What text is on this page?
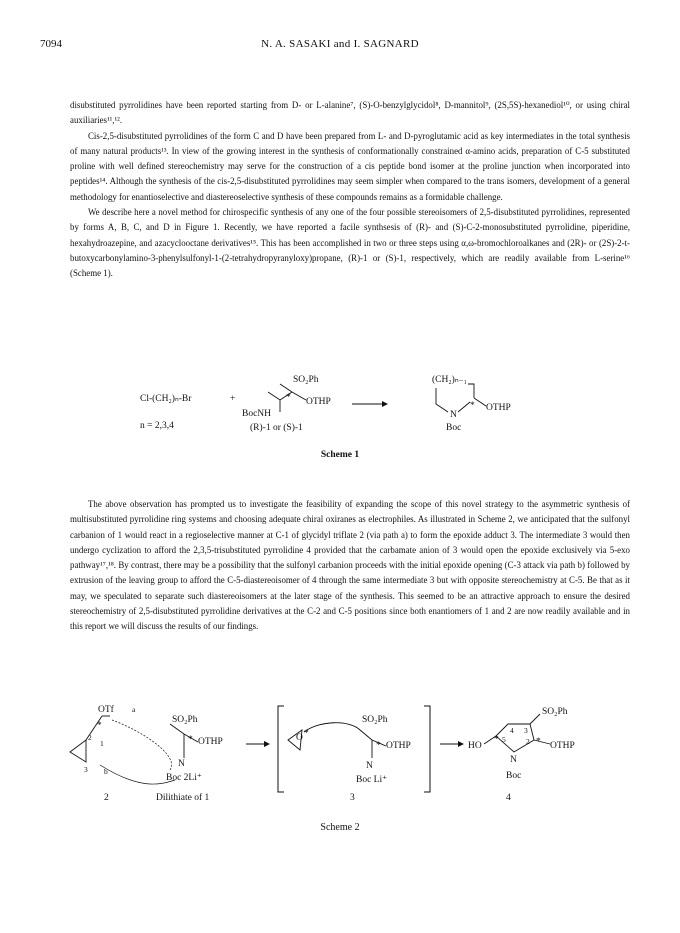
7094	N. A. SASAKI and I. SAGNARD

disubstituted pyrrolidines have been reported starting from D- or L-alanine⁷, (S)-O-benzylglycidol⁸, D-mannitol⁹, (2S,5S)-hexanediol¹⁰, or using chiral auxiliaries¹¹,¹².

Cis-2,5-disubstituted pyrrolidines of the form C and D have been prepared from L- and D-pyroglutamic acid as key intermediates in the total synthesis of many natural products¹³. In view of the growing interest in the synthesis of conformationally constrained α-amino acids, preparation of C-5 substituted proline with well defined stereochemistry may serve for the construction of a cis peptide bond isomer at the proline junction when incorporated into peptides¹⁴. Although the synthesis of the cis-2,5-disubstituted pyrrolidines may seem simpler when compared to the trans isomers, development of a general methodology for enantioselective and diastereoselective synthesis of these compounds remains as a formidable challenge.

We describe here a novel method for chirospecific synthesis of any one of the four possible stereoisomers of 2,5-disubstituted pyrrolidines, represented by forms A, B, C, and D in Figure 1. Recently, we have reported a facile synthsesis of (R)- and (S)-C-2-monosubstituted pyrrolidine, piperidine, hexahydroazepine, and azacyclooctane derivatives¹⁵. This has been accomplished in two or three steps using α,ω-bromochloroalkanes and (2R)- or (2S)-2-t-butoxycarbonylamino-3-phenylsulfonyl-1-(2-tetrahydropyranyloxy)propane, (R)-1 or (S)-1, respectively, which are readily available from L-serine¹⁶ (Scheme 1).

Cl-(CH₂)ₙ-Br
n = 2,3,4
+
SO₂Ph
OTHP
BocNH
*
(R)-1 or (S)-1
(CH₂)ₙ₋₁
N
* OTHP
Boc
Scheme 1

The above observation has prompted us to investigate the feasibility of expanding the scope of this novel strategy to the asymmetric synthesis of multisubstituted pyrrolidine ring systems and choosing adequate chiral oxiranes as electrophiles. As illustrated in Scheme 2, we anticipated that the sulfonyl carbanion of 1 would react in a regioselective manner at C-1 of glycidyl triflate 2 (via path a) to form the epoxide adduct 3. The intermediate 3 would then undergo cyclization to afford the 2,3,5-trisubstituted pyrrolidine 4 provided that the carbamate anion of 3 would open the epoxide exclusively via 5-exo pathway¹⁷,¹⁸. By contrast, there may be a possibility that the sulfonyl carbanion proceeds with the initial epoxide opening (C-3 attack via path b) followed by extrusion of the leaving group to afford the C-5-diastereoisomer of 4 through the same intermediate 3 but with opposite stereochemistry at C-5. Be that as it may, we speculated to separate such diastereoisomers at the later stage of the synthesis. This seemed to be an attractive approach to ensure the desired stereochemistry of 2,5-disubstituted pyrrolidine derivatives at the C-2 and C-5 positions since both enantiomers of 1 and 2 are now readily available and in this report we will discuss the results of our findings.

OTf a
b
*
1
2
3
SO₂Ph
* OTHP
N
Boc 2Li⁺
2	Dilithiate of 1
O *
SO₂Ph
* OTHP
N
Boc Li⁺
3
HO
SO₂Ph
5
4 3
2
*	* OTHP
N
Boc
4
Scheme 2
